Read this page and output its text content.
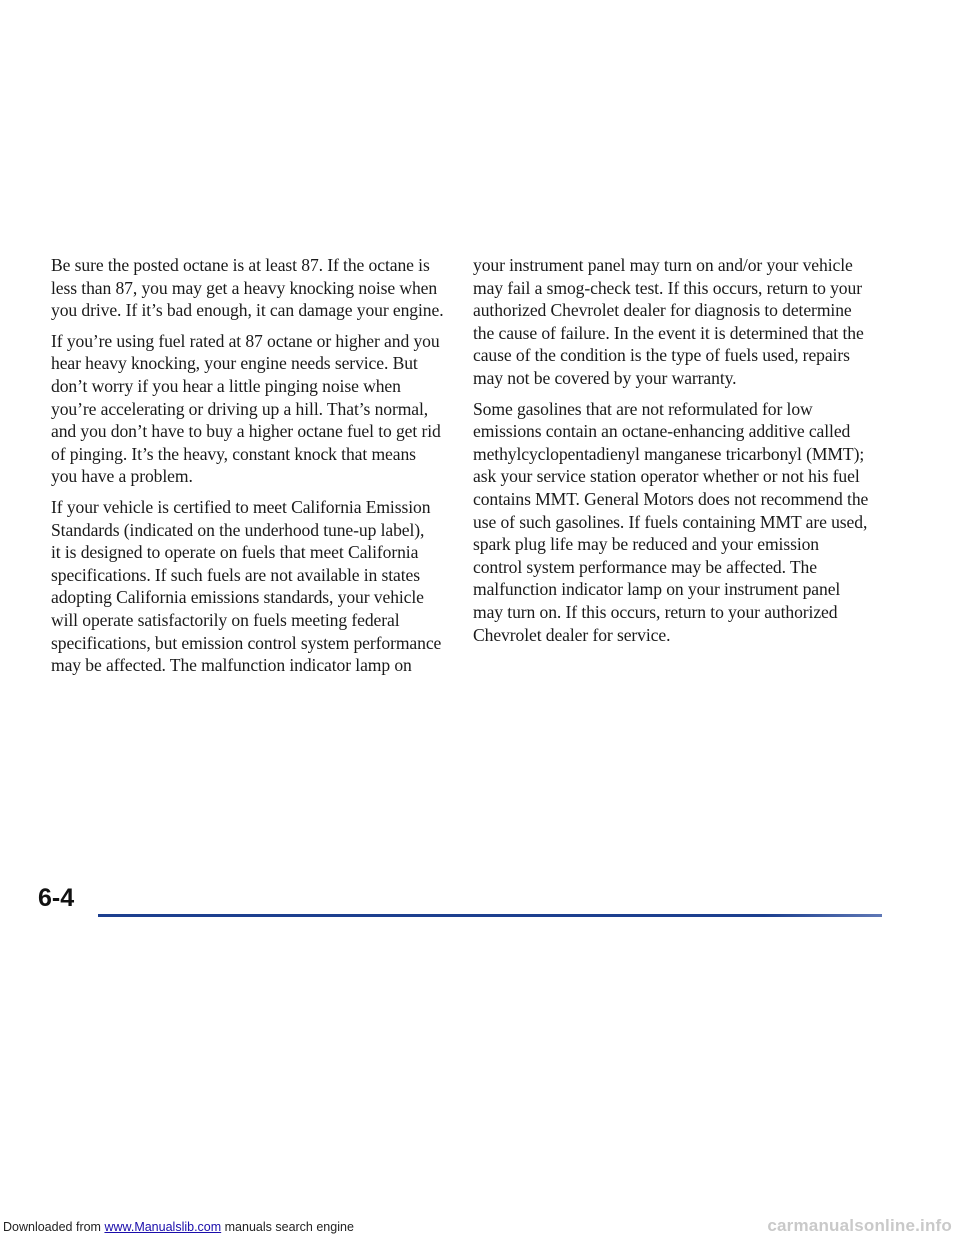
Be sure the posted octane is at least 87. If the octane is
less than 87, you may get a heavy knocking noise when
you drive. If it’s bad enough, it can damage your engine.

If you’re using fuel rated at 87 octane or higher and you
hear heavy knocking, your engine needs service. But
don’t worry if you hear a little pinging noise when
you’re accelerating or driving up a hill. That’s normal,
and you don’t have to buy a higher octane fuel to get rid
of pinging. It’s the heavy, constant knock that means
you have a problem.

If your vehicle is certified to meet California Emission
Standards (indicated on the underhood tune-up label),
it is designed to operate on fuels that meet California
specifications. If such fuels are not available in states
adopting California emissions standards, your vehicle
will operate satisfactorily on fuels meeting federal
specifications, but emission control system performance
may be affected. The malfunction indicator lamp on

your instrument panel may turn on and/or your vehicle
may fail a smog-check test. If this occurs, return to your
authorized Chevrolet dealer for diagnosis to determine
the cause of failure. In the event it is determined that the
cause of the condition is the type of fuels used, repairs
may not be covered by your warranty.

Some gasolines that are not reformulated for low
emissions contain an octane-enhancing additive called
methylcyclopentadienyl manganese tricarbonyl (MMT);
ask your service station operator whether or not his fuel
contains MMT. General Motors does not recommend the
use of such gasolines. If fuels containing MMT are used,
spark plug life may be reduced and your emission
control system performance may be affected. The
malfunction indicator lamp on your instrument panel
may turn on. If this occurs, return to your authorized
Chevrolet dealer for service.

6-4
Downloaded from www.Manualslib.com manuals search engine	carmanualsonline.info
